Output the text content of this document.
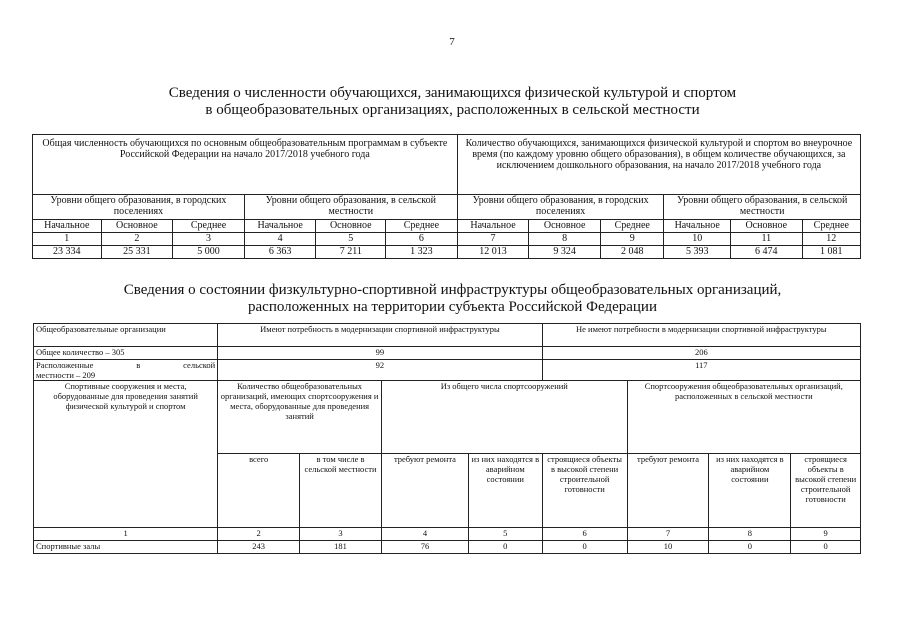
7
Сведения о численности обучающихся, занимающихся физической культурой и спортом
в общеобразовательных организациях, расположенных в сельской местности
Общая численность обучающихся по основным общеобразовательным программам в субъекте Российской Федерации на начало 2017/2018 учебного года						Количество обучающихся, занимающихся физической культурой и спортом во внеурочное время (по каждому уровню общего образования), в общем количестве обучающихся, за исключением дошкольного образования, на начало 2017/2018 учебного года					
Уровни общего образования, в городских поселениях			Уровни общего образования, в сельской местности			Уровни общего образования, в городских поселениях			Уровни общего образования, в сельской местности		
Начальное	Основное	Среднее	Начальное	Основное	Среднее	Начальное	Основное	Среднее	Начальное	Основное	Среднее
1	2	3	4	5	6	7	8	9	10	11	12
23 334	25 331	5 000	6 363	7 211	1 323	12 013	9 324	2 048	5 393	6 474	1 081
Сведения о состоянии физкультурно-спортивной инфраструктуры общеобразовательных организаций,
расположенных на территории субъекта Российской Федерации
Общеобразовательные организации	Имеют потребность в модернизации спортивной инфраструктуры				Не имеют потребности в модернизации спортивной инфраструктуры			
Общее количество – 305	99				206			

Расположенные в сельской
местности – 209	92				117			
Спортивные сооружения и места, оборудованные для проведения занятий физической культурой и спортом	Количество общеобразовательных организаций, имеющих спортсооружения и места, оборудованные для проведения занятий		Из общего числа спортсооружений			Спортсооружения общеобразовательных организаций, расположенных в сельской местности		
	всего	в том числе в сельской местности	требуют ремонта	из них находятся в аварийном состоянии	строящиеся объекты в высокой степени строительной готовности	требуют ремонта	из них находятся в аварийном состоянии	строящиеся объекты в высокой степени строительной готовности
1	2	3	4	5	6	7	8	9
Спортивные залы	243	181	76	0	0	10	0	0
